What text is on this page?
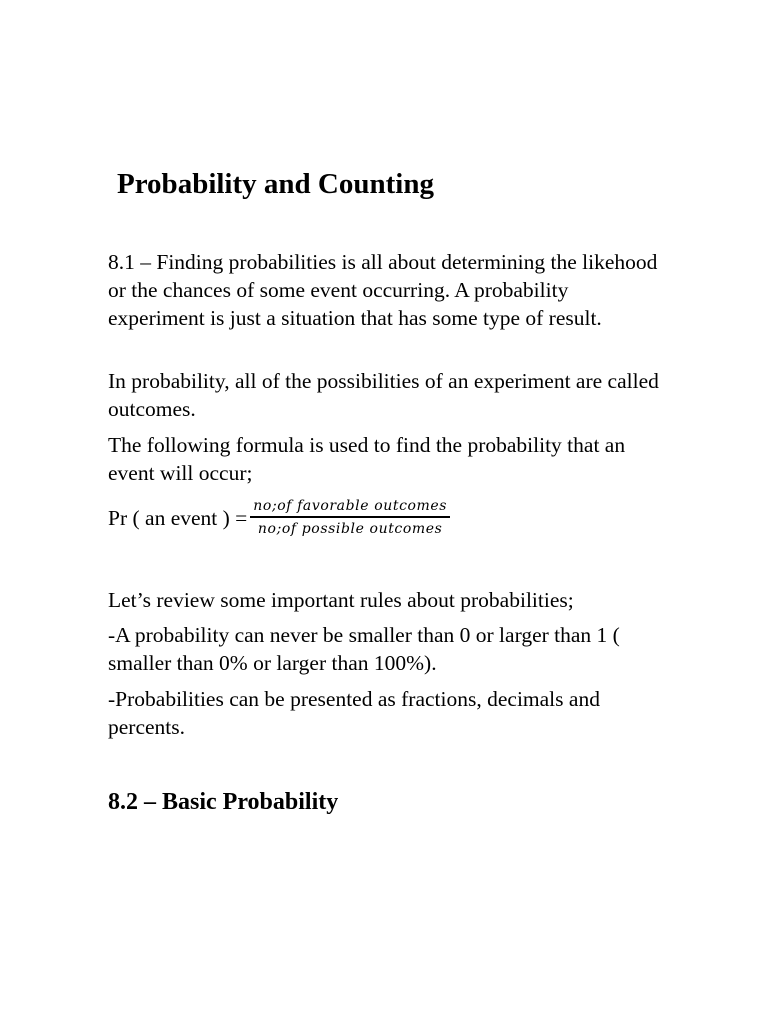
Probability and Counting

8.1 – Finding probabilities is all about determining the likehood or the chances of some event occurring. A probability experiment is just a situation that has some type of result.

In probability, all of the possibilities of an experiment are called outcomes.

The following formula is used to find the probability that an event will occur;

Pr ( an event ) = $\frac{\text{no;of favorable outcomes}}{\text{no;of possible outcomes}}$

Let’s review some important rules about probabilities;

-A probability can never be smaller than 0 or larger than 1 ( smaller than 0% or larger than 100%).

-Probabilities can be presented as fractions, decimals and percents.

8.2 – Basic Probability
